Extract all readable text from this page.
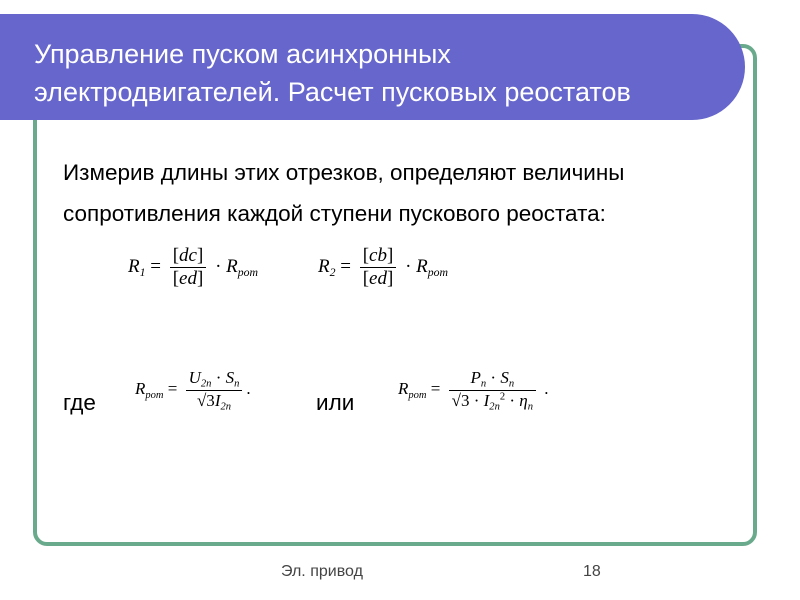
Управление пуском асинхронных
электродвигателей. Расчет пусковых реостатов
Измерив длины этих отрезков, определяют величины
сопротивления каждой ступени пускового реостата:
$R_1 = \frac{[dc]}{[ed]} \cdot R_{pom}$	$R_2 = \frac{[cb]}{[ed]} \cdot R_{pom}$
где
$R_{pom} = \frac{U_{2n} \cdot S_n}{√3I_{2n}}$ .
или
$R_{pom} = \frac{P_n \cdot S_n}{√3 \cdot I_{2n}^2 \cdot \eta_n}$ .
Эл. привод	18
